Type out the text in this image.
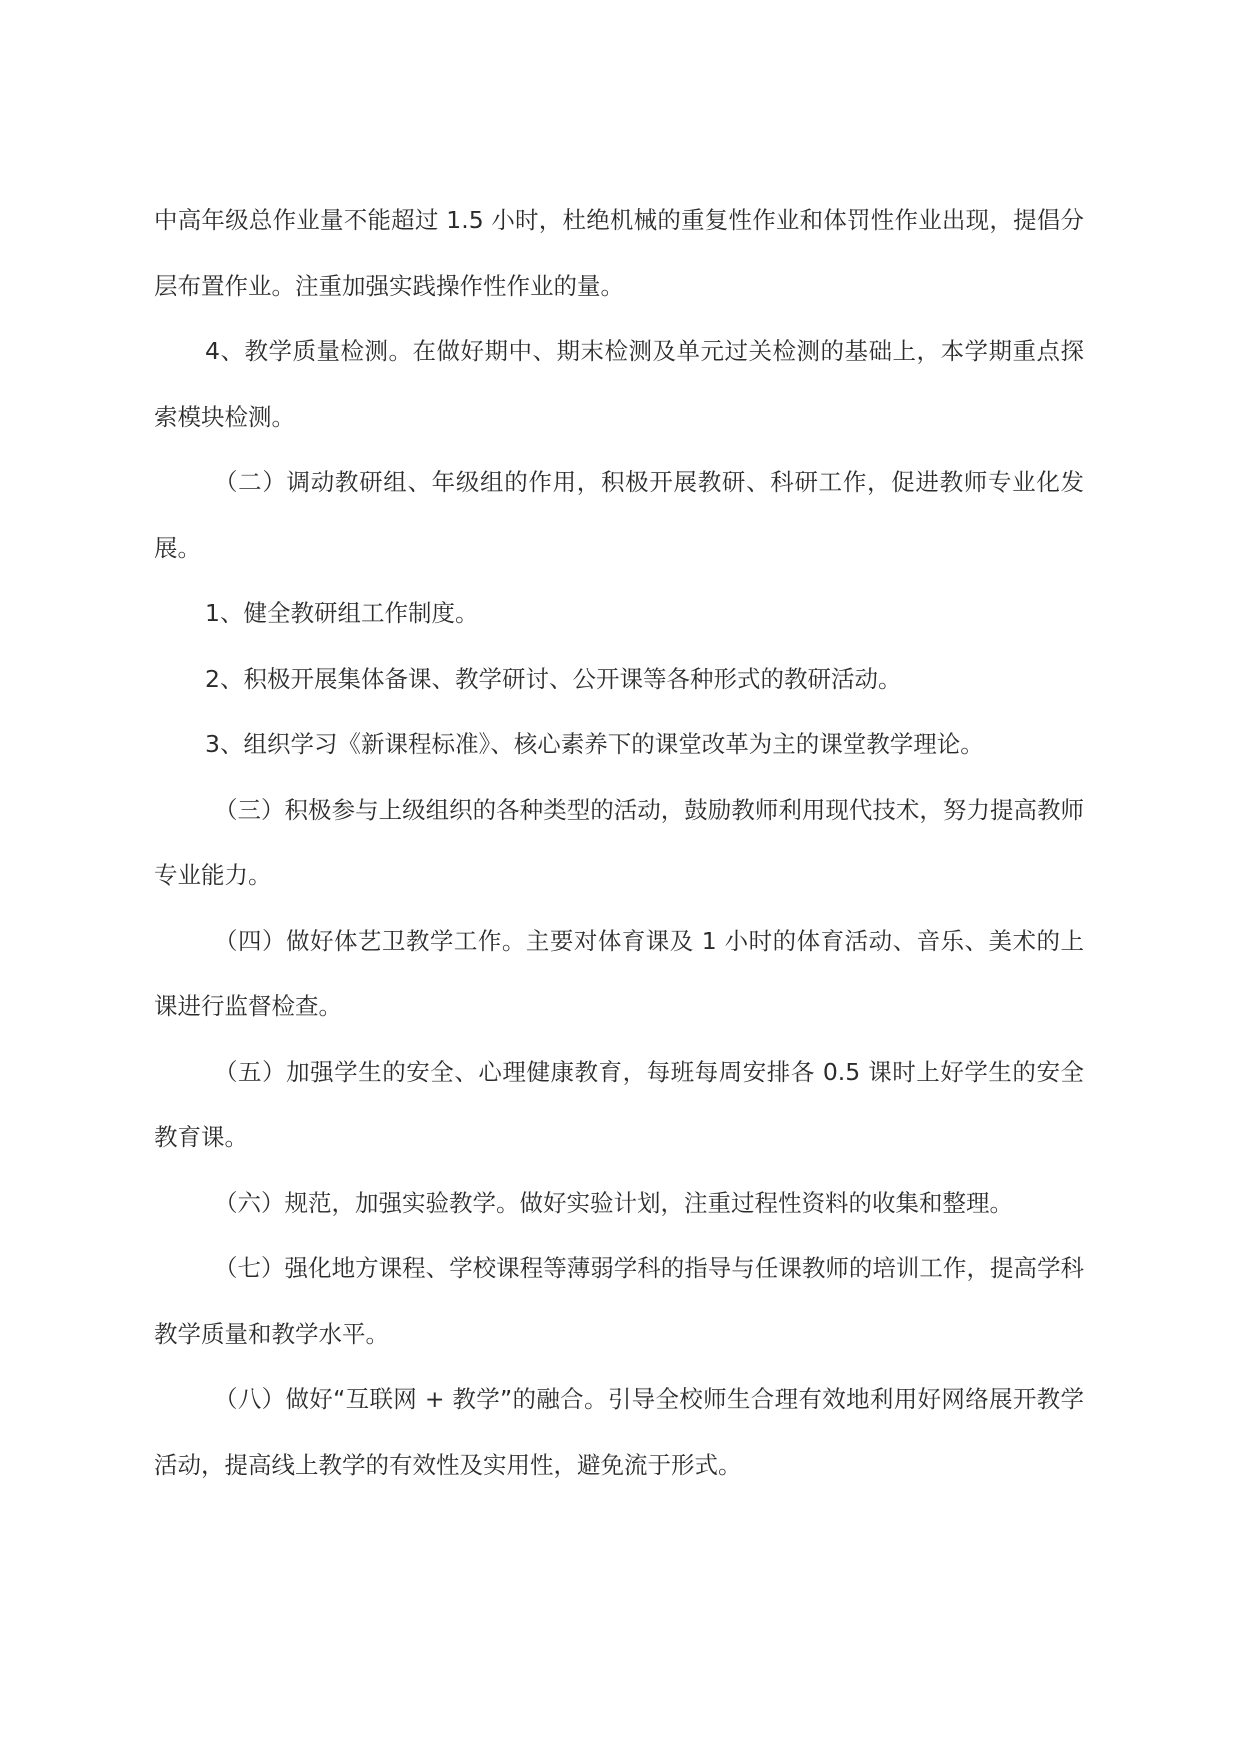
中高年级总作业量不能超过 1.5 小时，杜绝机械的重复性作业和体罚性作业出现，提倡分层布置作业。注重加强实践操作性作业的量。

4、教学质量检测。在做好期中、期末检测及单元过关检测的基础上，本学期重点探索模块检测。

（二）调动教研组、年级组的作用，积极开展教研、科研工作，促进教师专业化发展。

1、健全教研组工作制度。

2、积极开展集体备课、教学研讨、公开课等各种形式的教研活动。

3、组织学习《新课程标准》、核心素养下的课堂改革为主的课堂教学理论。

（三）积极参与上级组织的各种类型的活动，鼓励教师利用现代技术，努力提高教师专业能力。

（四）做好体艺卫教学工作。主要对体育课及 1 小时的体育活动、音乐、美术的上课进行监督检查。

（五）加强学生的安全、心理健康教育，每班每周安排各 0.5 课时上好学生的安全教育课。

（六）规范，加强实验教学。做好实验计划，注重过程性资料的收集和整理。

（七）强化地方课程、学校课程等薄弱学科的指导与任课教师的培训工作，提高学科教学质量和教学水平。

（八）做好“互联网 + 教学”的融合。引导全校师生合理有效地利用好网络展开教学活动，提高线上教学的有效性及实用性，避免流于形式。
